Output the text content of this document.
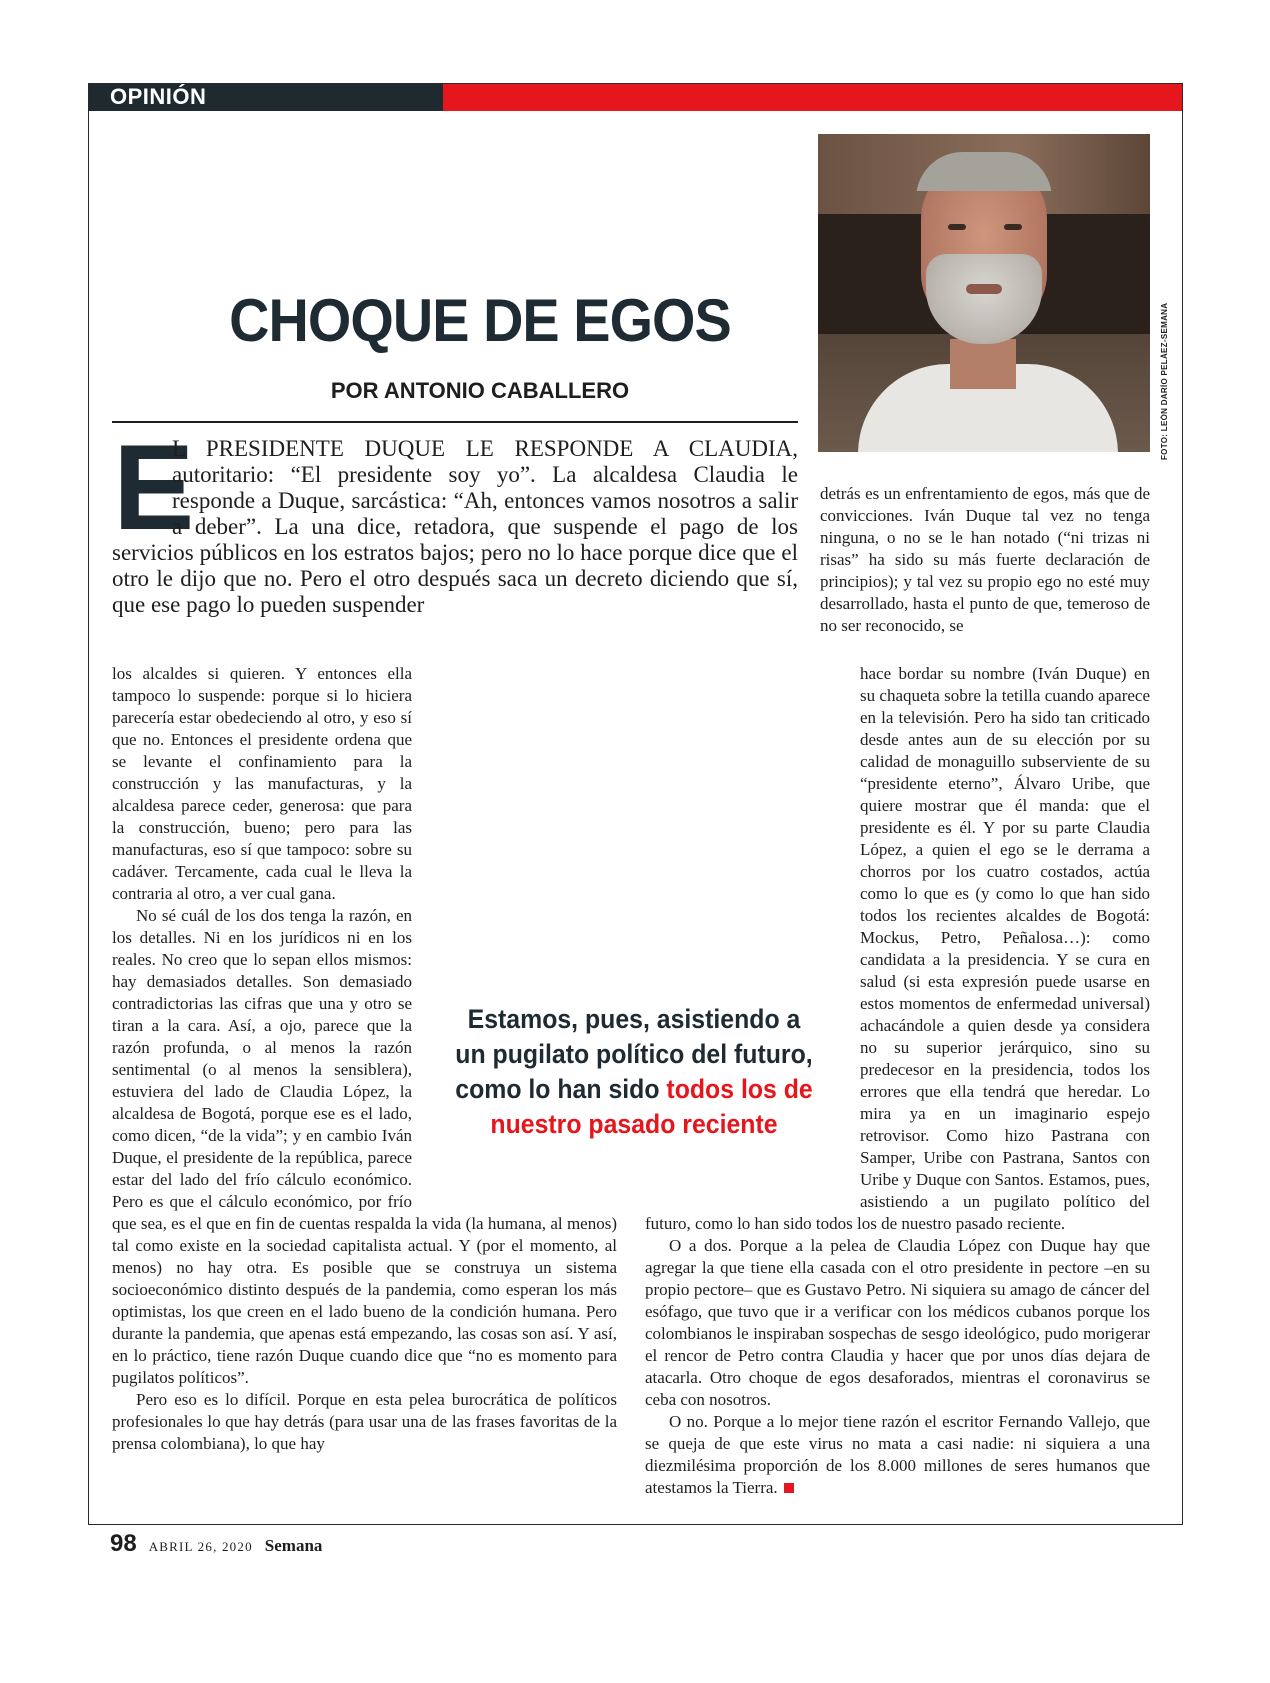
OPINIÓN
CHOQUE DE EGOS
POR ANTONIO CABALLERO	FOTO: LEÓN DARÍO PELÁEZ-SEMANA
E

L PRESIDENTE DUQUE LE RESPONDE A CLAUDIA, autoritario: “El presidente soy yo”. La alcaldesa Claudia le responde a Duque, sarcástica: “Ah, entonces vamos nosotros a salir a deber”. La una dice, retadora, que suspende el pago de los servicios públicos en los estratos bajos; pero no lo hace porque dice que el otro le dijo que no. Pero el otro después saca un decreto diciendo que sí, que ese pago lo pueden suspender

detrás es un enfrentamiento de egos, más que de convicciones. Iván Duque tal vez no tenga ninguna, o no se le han notado (“ni trizas ni risas” ha sido su más fuerte declaración de principios); y tal vez su propio ego no esté muy desarrollado, hasta el punto de que, temeroso de no ser reconocido, se

los alcaldes si quieren. Y entonces ella tampoco lo suspende: porque si lo hiciera parecería estar obedeciendo al otro, y eso sí que no. Entonces el presidente ordena que se levante el confinamiento para la construcción y las manufacturas, y la alcaldesa parece ceder, generosa: que para la construcción, bueno; pero para las manufacturas, eso sí que tampoco: sobre su cadáver. Tercamente, cada cual le lleva la contraria al otro, a ver cual gana.

No sé cuál de los dos tenga la razón, en los detalles. Ni en los jurídicos ni en los reales. No creo que lo sepan ellos mismos: hay demasiados detalles. Son demasiado contradictorias las cifras que una y otro se tiran a la cara. Así, a ojo, parece que la razón profunda, o al menos la razón sentimental (o al menos la sensiblera), estuviera del lado de Claudia López, la alcaldesa de Bogotá, porque ese es el lado, como dicen, “de la vida”; y en cambio Iván Duque, el presidente de la república, parece estar del lado del frío cálculo económico. Pero es que el cálculo económico, por frío que sea, es el que en fin de cuentas respalda la vida (la humana, al menos) tal como existe en la sociedad capitalista actual. Y (por el momento, al menos) no hay otra. Es posible que se construya un sistema socioeconómico distinto después de la pandemia, como esperan los más optimistas, los que creen en el lado bueno de la condición humana. Pero durante la pandemia, que apenas está empezando, las cosas son así. Y así, en lo práctico, tiene razón Duque cuando dice que “no es momento para pugilatos políticos”.

Pero eso es lo difícil. Porque en esta pelea burocrática de políticos profesionales lo que hay detrás (para usar una de las frases favoritas de la prensa colombiana), lo que hay

hace bordar su nombre (Iván Duque) en su chaqueta sobre la tetilla cuando aparece en la televisión. Pero ha sido tan criticado desde antes aun de su elección por su calidad de monaguillo subserviente de su “presidente eterno”, Álvaro Uribe, que quiere mostrar que él manda: que el presidente es él. Y por su parte Claudia López, a quien el ego se le derrama a chorros por los cuatro costados, actúa como lo que es (y como lo que han sido todos los recientes alcaldes de Bogotá: Mockus, Petro, Peñalosa…): como candidata a la presidencia. Y se cura en salud (si esta expresión puede usarse en estos momentos de enfermedad universal) achacándole a quien desde ya considera no su superior jerárquico, sino su predecesor en la presidencia, todos los errores que ella tendrá que heredar. Lo mira ya en un imaginario espejo retrovisor. Como hizo Pastrana con Samper, Uribe con Pastrana, Santos con Uribe y Duque con Santos. Estamos, pues, asistiendo a un pugilato político del futuro, como lo han sido todos los de nuestro pasado reciente.

O a dos. Porque a la pelea de Claudia López con Duque hay que agregar la que tiene ella casada con el otro presidente in pectore –en su propio pectore– que es Gustavo Petro. Ni siquiera su amago de cáncer del esófago, que tuvo que ir a verificar con los médicos cubanos porque los colombianos le inspiraban sospechas de sesgo ideológico, pudo morigerar el rencor de Petro contra Claudia y hacer que por unos días dejara de atacarla. Otro choque de egos desaforados, mientras el coronavirus se ceba con nosotros.

O no. Porque a lo mejor tiene razón el escritor Fernando Vallejo, que se queja de que este virus no mata a casi nadie: ni siquiera a una diezmilésima proporción de los 8.000 millones de seres humanos que atestamos la Tierra.

Estamos, pues, asistiendo a un pugilato político del futuro, como lo han sido todos los de nuestro pasado reciente
98 ABRIL 26, 2020 Semana
